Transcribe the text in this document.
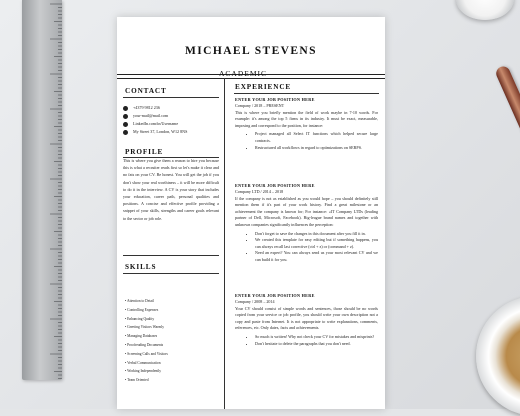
MICHAEL STEVENS
ACADEMIC
CONTACT
+4379 9812 236
your-mail@mail.com
LinkedIn.com/in/Username
My Street 37, London, W12 8NS
PROFILE
This is where you give them a reason to hire you because this is what a recruiter reads first so let's make it clear and no fats on your CV. Be honest. You will get the job if you don't show your real worthiness – it will be more difficult to do it in the interview. A CV is your story that includes your education, career path, personal qualities and positions. A concise and effective profile providing a snippet of your skills, strengths and career goals relevant to the sector or job role.
SKILLS
• Attention to Detail
• Controlling Expenses
• Enhancing Quality
• Greeting Visitors Warmly
• Managing Databases
• Proofreading Documents
• Screening Calls and Visitors
• Verbal Communication
• Working Independently
• Team Oriented
EXPERIENCE
ENTER YOUR JOB POSITION HERE
Company / 2018 – PRESENT
This is where you briefly mention the field of work maybe in 7-10 words. For example: it's among the top 5 firms in its industry. It must be exact, measurable, imposing and correspond to the position, for instance:
• Project managed all Select IT functions which helped secure large contracts.
• Restructured all workflows in regard to optimizations on SERPS.
ENTER YOUR JOB POSITION HERE
Company LTD / 2014 – 2018
If the company is not as established as you would hope – you should definitely still mention them if it's part of your work history. Find a great milestone or an achievement the company is known for; For instance: «IT Company LTDs (leading partner of Dell, Microsoft, Facebook). Big-league brand names and together with unknown companies significantly influences the perception:
• Don't forget to save the changes in this document after you fill it in.
• We created this template for easy editing but if something happens, you can always recall last corrective (ctrl + z) or (command + z).
• Need an expert? You can always send us your most relevant CV and we can build it for you.
ENTER YOUR JOB POSITION HERE
Company / 2008 – 2014
Your CV should consist of simple words and sentences, those should be no words copied from your service or job profile, you should write your own description not a copy and paste from Internet. It is not appropriate to write explanations, comments, references, etc. Only dates, facts and achievements.
• So much is written! Why not check your CV for mistakes and misprints?
• Don't hesitate to delete the paragraphs that you don't need.
